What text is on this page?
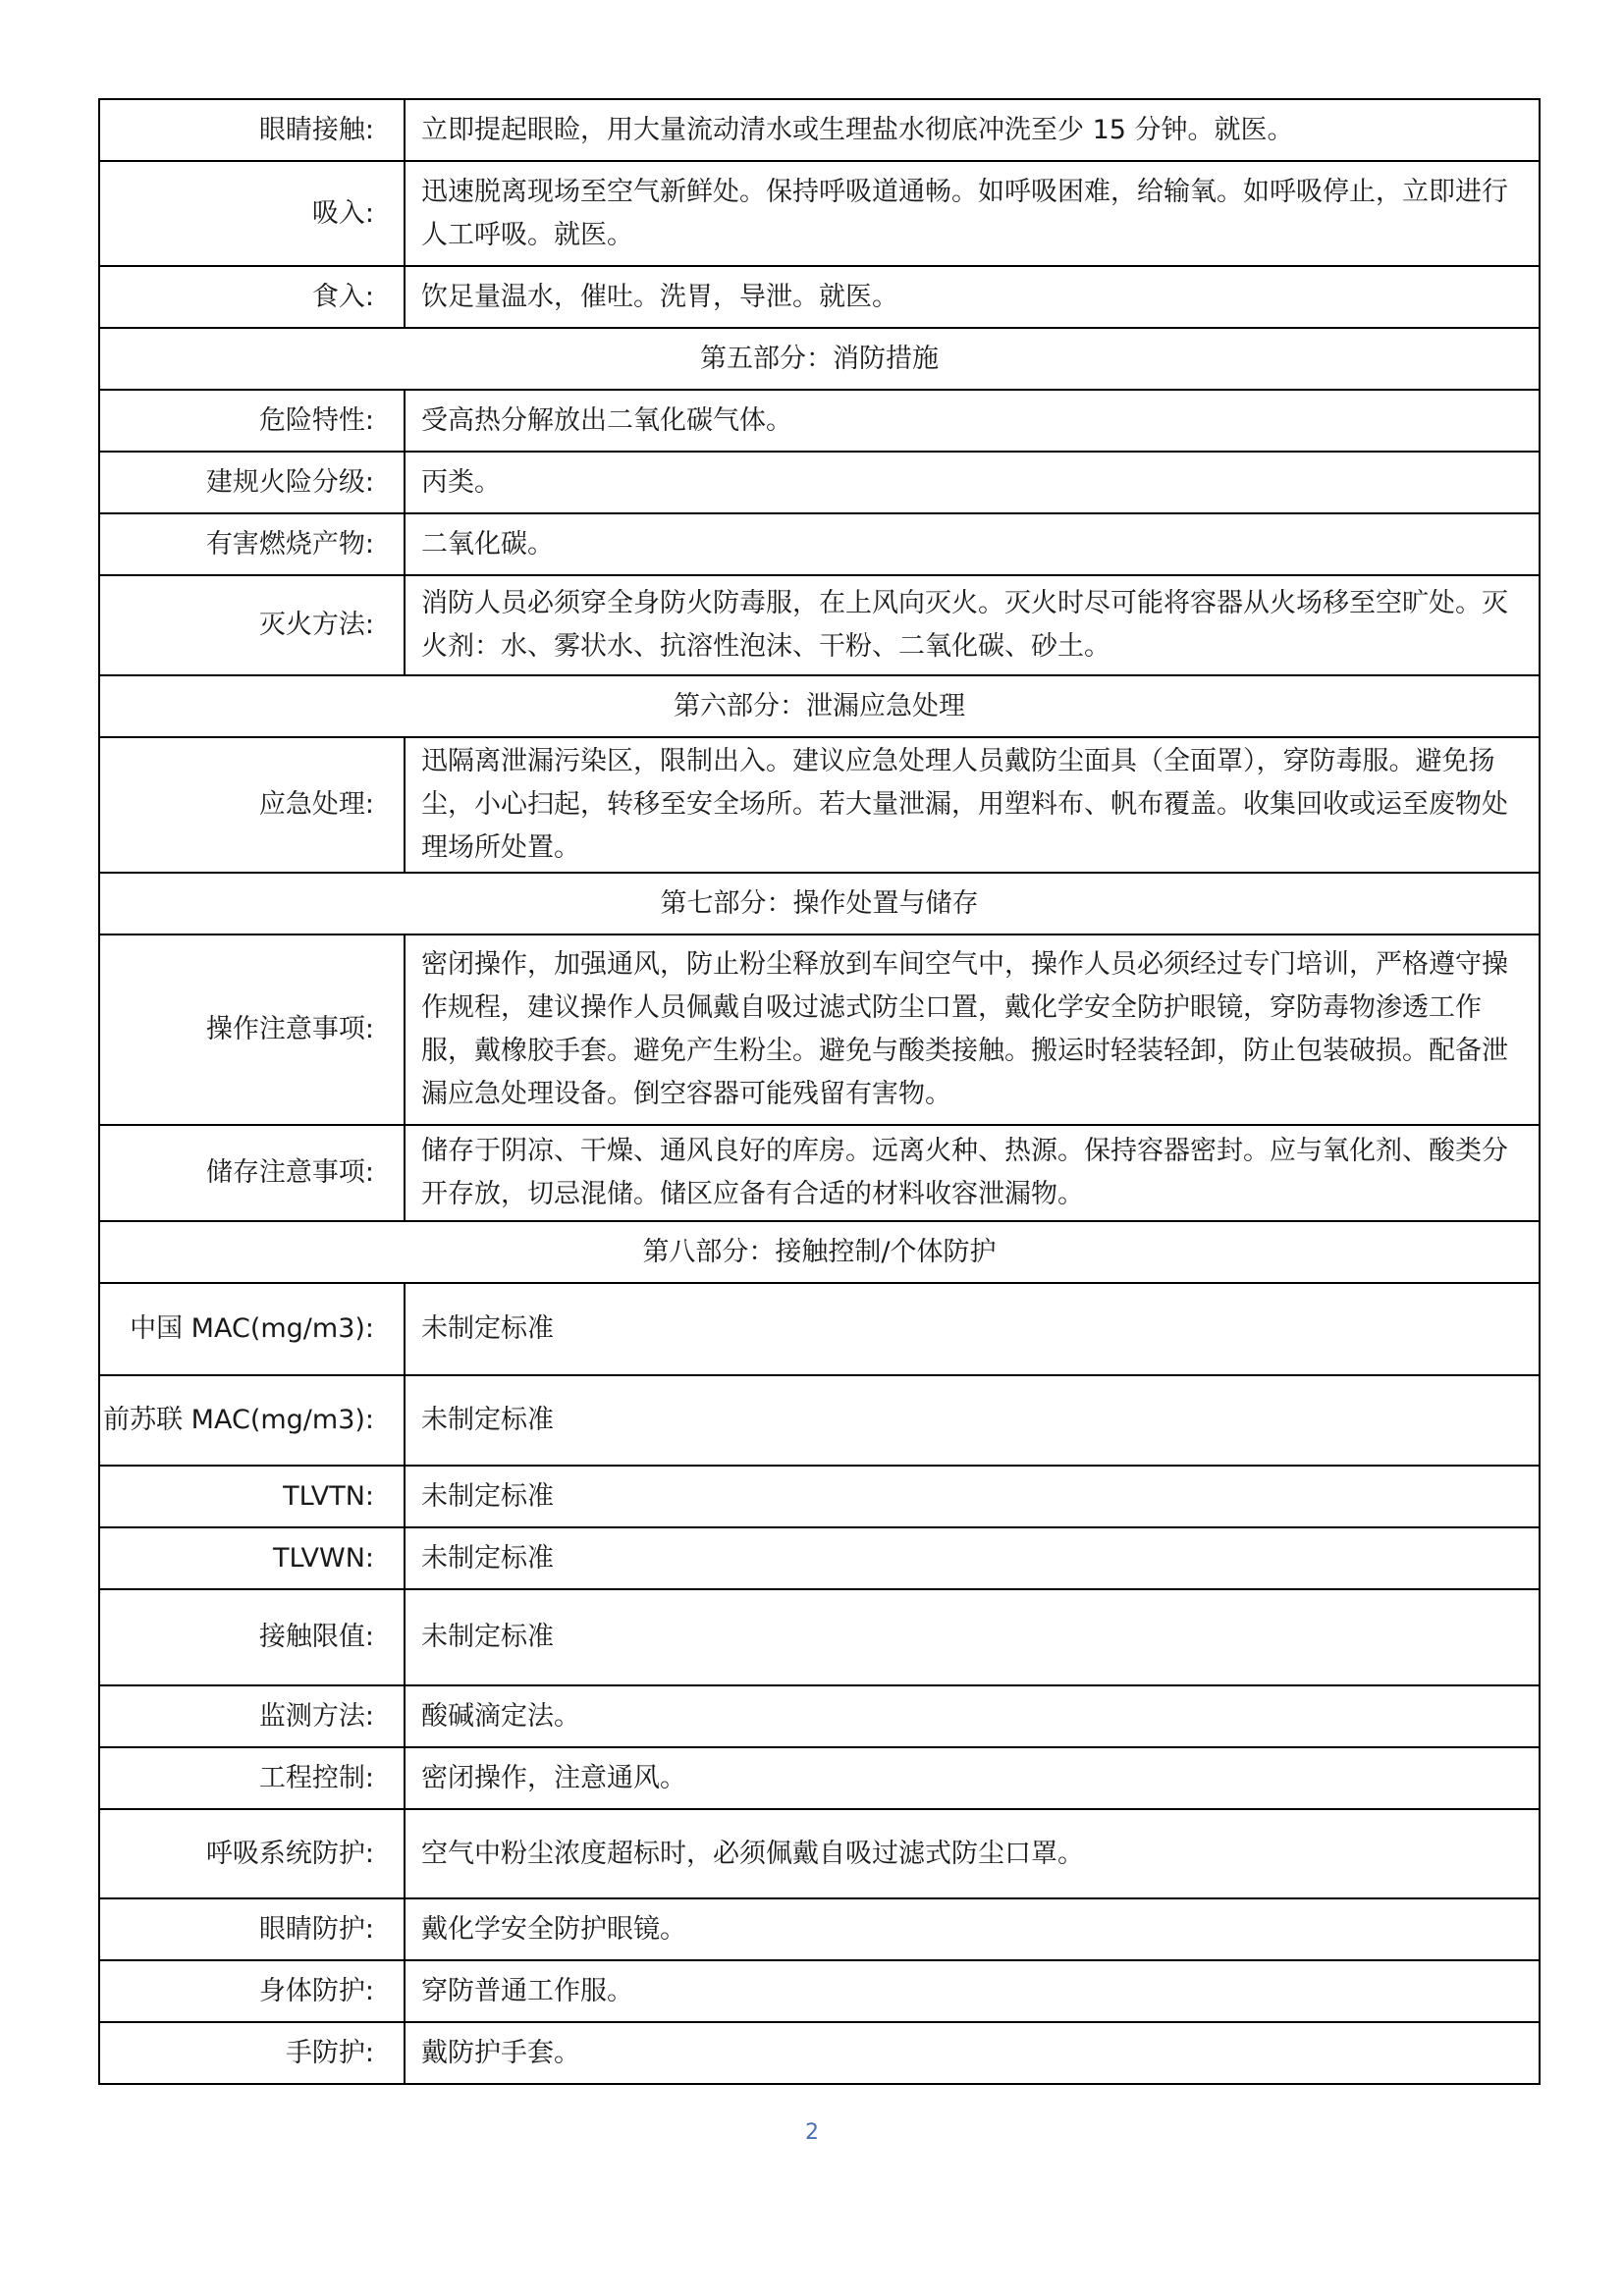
眼睛接触:	立即提起眼睑，用大量流动清水或生理盐水彻底冲洗至少 15 分钟。就医。
吸入:	迅速脱离现场至空气新鲜处。保持呼吸道通畅。如呼吸困难，给输氧。如呼吸停止，立即进行人工呼吸。就医。
食入:	饮足量温水，催吐。洗胃，导泄。就医。
第五部分：消防措施	
危险特性:	受高热分解放出二氧化碳气体。
建规火险分级:	丙类。
有害燃烧产物:	二氧化碳。
灭火方法:	消防人员必须穿全身防火防毒服，在上风向灭火。灭火时尽可能将容器从火场移至空旷处。灭火剂：水、雾状水、抗溶性泡沫、干粉、二氧化碳、砂土。
第六部分：泄漏应急处理	
应急处理:	迅隔离泄漏污染区，限制出入。建议应急处理人员戴防尘面具（全面罩），穿防毒服。避免扬尘，小心扫起，转移至安全场所。若大量泄漏，用塑料布、帆布覆盖。收集回收或运至废物处理场所处置。
第七部分：操作处置与储存	
操作注意事项:	密闭操作，加强通风，防止粉尘释放到车间空气中，操作人员必须经过专门培训，严格遵守操作规程，建议操作人员佩戴自吸过滤式防尘口置，戴化学安全防护眼镜，穿防毒物渗透工作服，戴橡胶手套。避免产生粉尘。避免与酸类接触。搬运时轻装轻卸，防止包装破损。配备泄漏应急处理设备。倒空容器可能残留有害物。
储存注意事项:	储存于阴凉、干燥、通风良好的库房。远离火种、热源。保持容器密封。应与氧化剂、酸类分开存放，切忌混储。储区应备有合适的材料收容泄漏物。
第八部分：接触控制/个体防护	
中国 MAC(mg/m3):	未制定标准
前苏联 MAC(mg/m3):	未制定标准
TLVTN:	未制定标准
TLVWN:	未制定标准
接触限值:	未制定标准
监测方法:	酸碱滴定法。
工程控制:	密闭操作，注意通风。
呼吸系统防护:	空气中粉尘浓度超标时，必须佩戴自吸过滤式防尘口罩。
眼睛防护:	戴化学安全防护眼镜。
身体防护:	穿防普通工作服。
手防护:	戴防护手套。
2
